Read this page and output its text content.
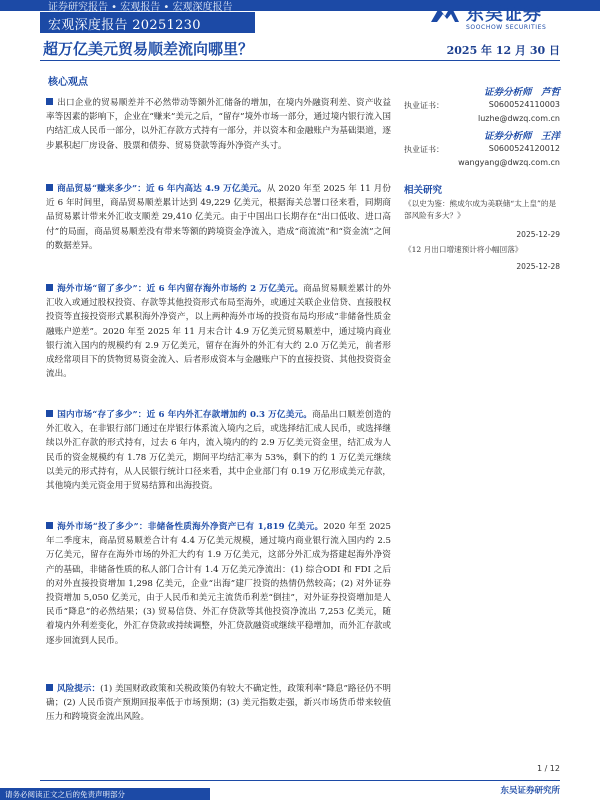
证券研究报告 • 宏观报告 • 宏观深度报告
宏观深度报告 20251230
东吴证券
SOOCHOW SECURITIES
超万亿美元贸易顺差流向哪里？	2025 年 12 月 30 日
核心观点
出口企业的贸易顺差并不必然带动等额外汇储备的增加，在境内外融资利差、资产收益率等因素的影响下，企业在“赚来”美元之后，“留存”境外市场一部分，通过境内银行流入国内结汇成人民币一部分，以外汇存款方式持有一部分，并以资本和金融账户为基础渠道，逐步累积起厂房设备、股票和债券、贸易贷款等海外净资产头寸。
商品贸易“赚来多少”：近 6 年内高达 4.9 万亿美元。从 2020 年至 2025 年 11 月份近 6 年时间里，商品贸易顺差累计达到 49,229 亿美元，根据海关总署口径来看，同期商品贸易累计带来外汇收支顺差 29,410 亿美元。由于中国出口长期存在“出口低收、进口高付”的局面，商品贸易顺差没有带来等额的跨境资金净流入，造成“商流流”和“资金流”之间的数据差异。
海外市场“留了多少”：近 6 年内留存海外市场约 2 万亿美元。商品贸易顺差累计的外汇收入或通过股权投资、存款等其他投资形式布局至海外，或通过关联企业信贷、直接股权投资等直接投资形式累积海外净资产，以上两种海外市场的投资布局均形成“非储备性质金融账户逆差”。2020 年至 2025 年 11 月末合计 4.9 万亿美元贸易顺差中，通过境内商业银行流入国内的规模约有 2.9 万亿美元，留存在海外的外汇有大约 2.0 万亿美元，前者形成经常项目下的货物贸易资金流入、后者形成资本与金融账户下的直接投资、其他投资资金流出。
国内市场“存了多少”：近 6 年内外汇存款增加约 0.3 万亿美元。商品出口顺差创造的外汇收入，在非银行部门通过在岸银行体系流入境内之后，或选择结汇成人民币，或选择继续以外汇存款的形式持有，过去 6 年内，流入境内的约 2.9 万亿美元资金里，结汇成为人民币的资金规模约有 1.78 万亿美元，期间平均结汇率为 53%，剩下的约 1 万亿美元继续以美元的形式持有，从人民银行统计口径来看，其中企业部门有 0.19 万亿形成美元存款，其他境内美元资金用于贸易结算和出海投资。
海外市场“投了多少”：非储备性质海外净资产已有 1,819 亿美元。2020 年至 2025 年二季度末，商品贸易顺差合计有 4.4 万亿美元规模，通过境内商业银行流入国内约 2.5 万亿美元，留存在海外市场的外汇大约有 1.9 万亿美元，这部分外汇成为搭建起海外净资产的基础，非储备性质的私人部门合计有 1.4 万亿美元净流出：(1) 综合ODI 和 FDI 之后的对外直接投资增加 1,298 亿美元，企业“出海”建厂投资的热情仍然较高；(2) 对外证券投资增加 5,050 亿美元，由于人民币和美元主流货币利差“倒挂”，对外证券投资增加是人民币“降息”的必然结果；(3) 贸易信贷、外汇存贷款等其他投资净流出 7,253 亿美元，随着境内外利差变化，外汇存贷款或持续调整，外汇贷款融资或继续平稳增加，而外汇存款或逐步回流到人民币。
风险提示：(1) 美国财政政策和关税政策仍有较大不确定性，政策利率“降息”路径仍不明确；(2) 人民币资产预期回报率低于市场预期；(3) 美元指数走强，新兴市场货币带来较值压力和跨境资金流出风险。
证券分析师　芦哲
执业证书：	S0600524110003
luzhe@dwzq.com.cn
证券分析师　王洋
执业证书：	S0600524120012
wangyang@dwzq.com.cn
相关研究
《以史为鉴：熊成尔成为美联储“太上皇”的是部风险有多大？》
2025-12-29
《12 月出口增速预计将小幅回落》
2025-12-28
1 / 12
东吴证券研究所
请务必阅读正文之后的免责声明部分
